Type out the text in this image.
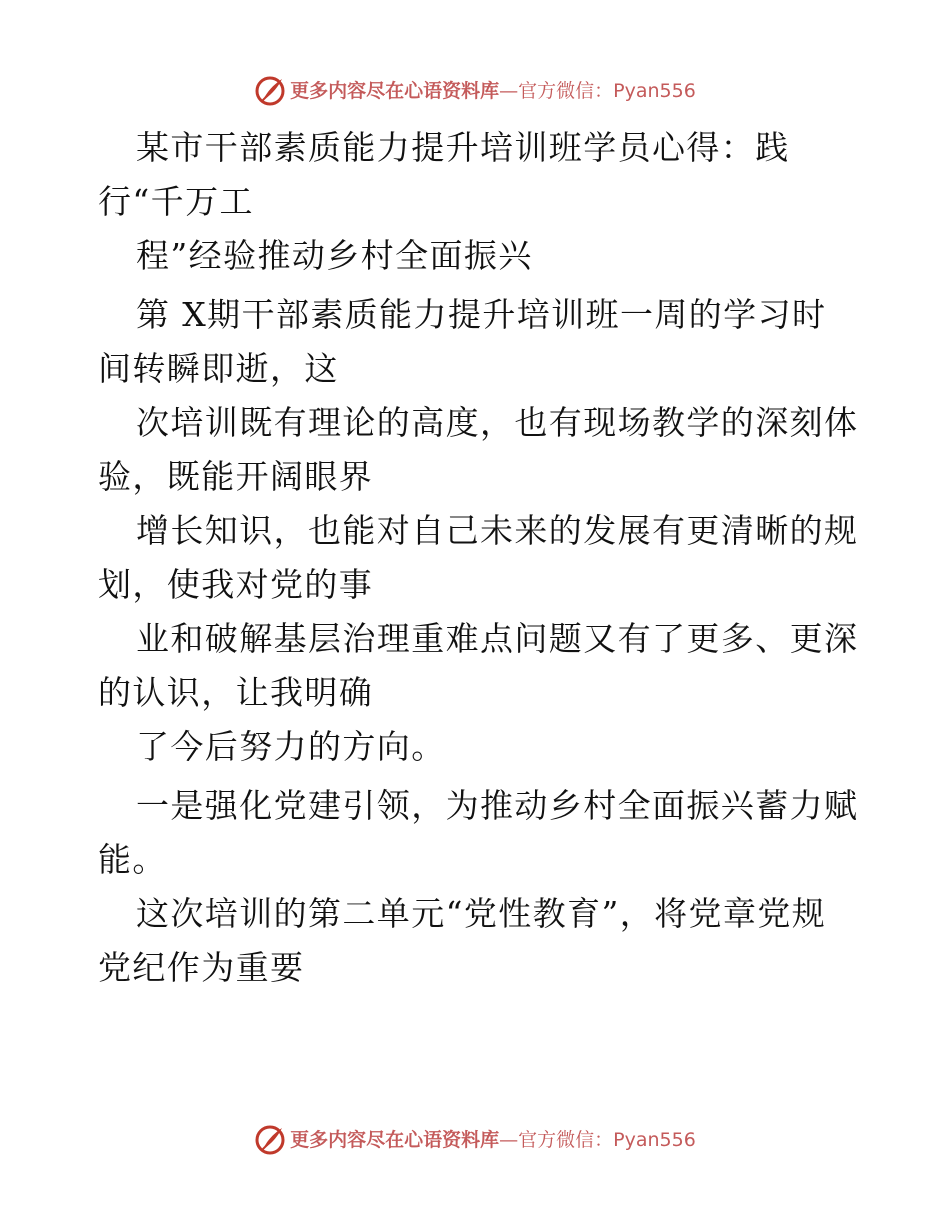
更多内容尽在心语资料库 — 官方微信：Pyan556
某市干部素质能力提升培训班学员心得：践
行“千万工
程”经验推动乡村全面振兴
第 X期干部素质能力提升培训班一周的学习时
间转瞬即逝，这
次培训既有理论的高度，也有现场教学的深刻体
验，既能开阔眼界
增长知识，也能对自己未来的发展有更清晰的规
划，使我对党的事
业和破解基层治理重难点问题又有了更多、更深
的认识，让我明确
了今后努力的方向。
一是强化党建引领，为推动乡村全面振兴蓄力赋
能。
这次培训的第二单元“党性教育”，将党章党规
党纪作为重要
更多内容尽在心语资料库 — 官方微信：Pyan556
